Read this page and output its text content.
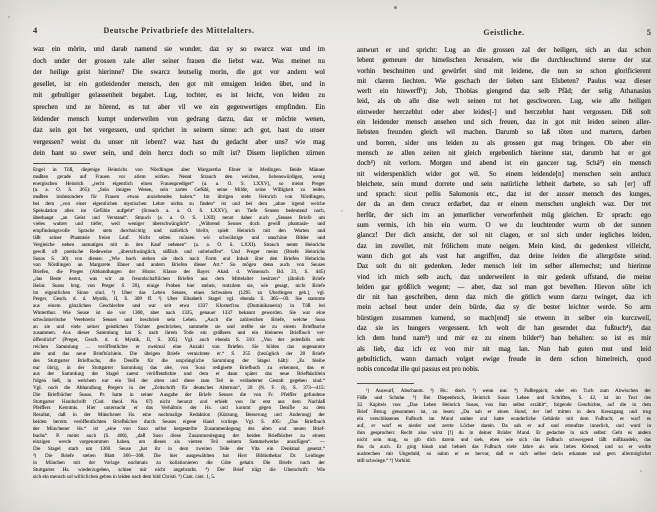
4	Deutsche Privatbriefe des Mittelalters.
waz ein mörin, und darab namend sie wunder, daz sy so swarcz waz und im
doch under der grossen zale aller seiner frauen die liebst waz. Was meinet nu
der heilige geist hierinne? Die swarcz leutselig morin, die got vor andern wol
gesellet, ist ein gotleidender mensch, den got mit emsigem leiden übet, und in
mit gebultiger gelassenheit begabet. Lug, tochter, es ist leicht, von leiden zu
sprechen und ze hörend, es tut aber vil we ein gegenwertiges empfinden. Ein
leidender mensch kumpt underweilen von gedrang darzu, daz er möchte wenen,
daz sein got het vergessen, und sprichet in seinem sinne: ach got, hast du unser
vergessen? weist du unser nit lebent? waz hast du gedacht aber uns? wie mag
dein hant so swer sein, und dein hercz doch so milt ist? Disem lieplichen zürnen
Engel in Töß, diejenige Heinrichs von Nördlingen aber Margaretha Ebner in Medingen. Beide Männer
mußten gerade auf Frauen vor allem wirken. Nennt Strauch den weichen, liebenswürdigen, wenig
energischen Heinrich „recht eigentlich einen Frauenprediger“ (a. a. O. S. LXXV), so meint Preger
(a. a. O. S. 365): „Sein inniges Wesen, sein zartes Gefühl, seine Milde, seine Willigkeit zu leiden
mußten insbesondere für Frauen etwas anziehendes haben.“ Im übrigen steht Heinrich von Nördlingen,
bei dem „von einer eigentlichen mystischen Lehre nichts zu finden“ ist und bei dem „ohne irgend welche
Spekulation alles im Gefühle aufgeht“ (Strauch a. a. O. S. LXXV), an Tiefe Seusen bedeutend nach,
überhaupt „an Geist und Verstand“. Strauch (a. a. O. S. LXII) nennt daher auch „Seuses Briefe um
vieles wahrer und tiefer, weil weniger überschwänglich“. „Während Seuses doch gewiß phantasie- und
empfindungsvolle Sprache stets durchsichtig und natürlich bleibt, spielt Heinrich mit den Worten und
läßt seiner Phantasie freien Lauf. Nicht selten müssen wir schwülstige und unschöne Bilder und
Vergleiche neben anmutigen mit in den Kauf nehmen“ (a. a. O. S. LXXI). Strauch nennt Heinrichs
gewiß oft poetische Redeweise „überschwänglich, süßlich und unbeholfen“. Und Preger meint (Briefe Heinrichs
Susos S. 30) von diesen: „Wie hoch stehen sie doch nach Form und Inhalt über den Briefen Heinrichs
von Nördlingen an Margarete Ebner und andern Briefen dieser Art.“ So mögen denn auch von Seuses
Briefen, die Preger (Abhandlungen der Histor. Klasse der Bayer. Akad. d. Wissensch. Bd. 21, S. 445)
„das Beste nennt, was wir an freundschaftlichen Briefen aus dem Mittelalter besitzen“ (ähnlich Briefe
Heinr. Susos hrsg. von Preger S. 20), einige Proben hier stehen, trotzdem sie, wie gesagt, nicht Briefe
im eigentlichen Sinne sind. ¹) Über das Leben Seuses, eines Schwaben (1295 zu Überlingen geb.), vgl.
Preger, Gesch. d. d. Mystik, II, S. 309 ff. ²) Über Elisabeth Stagel vgl. ebenda S. 305—09. Sie stammte
aus einem gänzlichen Geschlechte und war seit etwa 1337 Klosterfrau (Dominikanerin) in Töß bei
Winterthur. Wie Seuse ist sie vor 1360, aber nach 1335, genauer 1337 bekannt geworden. Sie war eine
schwärmerische Verehrerin Seuses und beschrieb sein Leben. „Auch die zahlreichen Briefe, welche Suso
an sie und viele seiner geistlichen Töchter geschrieben, sammelte sie und stellte sie zu einem Briefbuche
zusammen. Aus dieser Sammlung hat S. nach ihrem Tode ein größeres und ein kleineres Briefbuch ver-
öffentlicht“ (Preger, Gesch. d. d. Mystik, II, S. 305). Vgl. auch ebenda S. 310: „Von der jedenfalls sehr
reichen Sammlung ... veröffentlichte er zweimal eine Anzahl von Briefen. Sie bilden das sogenannte
alte und das neue Briefbüchlein. Die übrigen Briefe vernichtete er.“ S. 255 (bezüglich der 28 Briefe
des Stuttgarter Briefbuchs, die Denifle für die ursprüngliche Sammlung der Stagel hält): „Es bleibe
nur übrig, in der Stuttgarter Sammlung das alte, von Suso redigierte Briefbuch zu erkennen, das er
aus der Sammlung der Stagel zuerst veröffentlichte und dem er dann später das neue Briefbüchlein
folgen ließ, in welchem nur ein Teil der alten und diese zum Teil in veränderter Gestalt gegeben sind.“
Vgl. noch die Abhandlung Pregers in der „Zeitschrift für deutsches Altertum“, 20 (N. F. 8), S. 373—415:
Die Briefbücher Susos. Pr. hatte in seiner Ausgabe der Briefe Seuses die von Fr. Pfeiffer gefundene
Stuttgarter Handschrift (Cod. theol. No. 67) nicht benutzt und erhielt von ihr erst aus dem Nachlaß
Pfeiffers Kenntnis. Hier untersucht er das Verhältnis der Hs. und kommt gegen Denifle zu dem
Resultat, daß in der Münchener Hs. eine nochmalige Redaktion (Kürzung, Besserung und Änderung) der
beiden bereits veröffentlichten Briefbücher durch Seuses eigene Hand vorliege. Vgl. S. 405: „Das Briefbuch
der Münchener Hs.“ ist „eine von Suso selbst hergestellte Zusammenlegung des alten und neuen Brief-
buchs“. P. meint auch (S. 406), „daß Suso diese Zusammenlegung der beiden Briefbücher zu einem
einzigen werde vorgenommen haben, um dieses als vierten Teil seinem Sammelwerke anzufügen“. —
Die Stagel starb um 1360. Seuse „hat ihr in dem zweiten Teile der Vita ein Denkmal gesetzt.“
³) Die Briefe stehen Blatt 366—368. Die hier ausgewählten hat Herr Bibliothekar Dr. Leidinger
in München mit der Vorlage nochmals zu kollationieren die Güte gehabt. Die Briefe nach der
Stuttgarter Hs. wiederzugeben, schien mir nicht angebracht. ⁴) Der Brief trägt die Überschrift: Wie
sich ein mensch sol williclichen geben in leiden nach dem bild Christi. ⁵) Cant. cant. 1, 5.
Geistliche.	5
antwurt er und spricht: Lug an die grossen zal der heiligen, sich an daz schon
lebent gemeure der himelischen Jerusalem, wie die durchleuchtend sterne der stat
vorhin beschnitten und gewürfet sind mit leidene, die nun so schon glorificierent
mit clarem liechten. Wie geschach der lieben sant Elsbeten? Paulus waz dieser
werlt ein hinwerff¹); Job, Thobias giengend daz selb Pfäd; der selig Athanasius
leid, als ob alle dise welt seinen tot het geschworen. Lug, wie alle heiligen
eintweder herczeblut oder aber leides[-] und herczeblut hant vergossen. Diß solt
ein leidender mensch ansehen und sich freuen, daz in got mit leiden seinen aller-
liebsten freunden gleich wil machen. Darumb so laß töten und martern, darben
und borren, sider uns leiden zu als grossen gut mag bringen. Ob aber ein
mensch ze allen zeiten nit gleich ergebenlich hierinne stat, darumb hat er got
doch²) nit verlorn. Morgen und abend ist ein ganczer tag. Schá³) ein mensch
nit widerspenklich wider got wil. So einem leidende[n] menschen sein antlucz
bleichete, sein mund dorrete und sein natürliche lebheit darbete, so sah [er] uff
und sprach: sicut pellis Salomonis etc., daz ist der ausser mensch des kunges,
der da an dem creucz erdarbet, daz er einem menschen ungleich waz. Der tret
herfür, der sich im an jemerlicher verworfenheit müg gleichen. Er sprach: ego
sum vermis, ich bin ein wurm. O we du leuchtender wurm ob der sunnen
glancz! Der dich ansicht, der sol nit clagen, er sol sich under iegliches leiden,
daz im zuvellet, mit frölichem mute neigen. Mein kind, du gedenkest villeicht,
wann dich got als vast hat angriffen, daz deine leiden die allergröste seind.
Daz solt du nit gedenken. Jeder mensch leit im selber allernechst; und hierinne
vind ich mich selb auch, daz underweilent in mir gedenk uffstand, die meine
leiden gar größlich wegent; — aber, daz sol man got bevelhen. Hievon sölte ich
dir nit han geschriben, denn daz mich die götlich wunn darzu twinget, daz ich
mein achsel beut under dein bürde, daz sy dir bester leichter werde. So arm
bürstigen zusammen kumend, so mach[end] sie etwenn in selber ein kurczweil,
daz sie irs hungers vergessent. Ich wolt dir han gesendet daz fußtuch⁴), daz
ich dem hund nam⁵) und mir ez zu einem bilder⁶) han behalten: so ist es mir
als lieb, daz ich ez von mir nit mag lan. Nun hab guten mut und leid
gebulticlich, wann darnach volget ewige freude in dem schon himelreich, quod
nobis concedat ille qui passus est pro nobis.
¹) Auswurf, Abschaum. ²) Hs.: doch. ³) wenn nur. ⁴) Fußteppich; oder ein Tuch zum Abwischen der
Füße und Schuhe. ⁵) Bei Diepenbrock, Heinrich Susos Leben und Schriften, S. 42, ist im Text des
32. Kapitels von: „Das Leben Heinrich Susos, von ihm selbst erzählt“, folgende Geschichte, auf die in dem
Brief Bezug genommen ist, zu lesen: „Da sah er einen Hund, der lief mitten in dem Kreuzgang und trug
ein verschlissenes Fußtuch im Mund umher und hatte wunderliche Gebärde mit dem Fußtuch; er warf es
auf, er warf es nieder und zerrte Löcher darein. Da sah er auf und erseufzte innerlich, und ward in
ihm gesprochen: Recht also wirst [!] du in deiner Brüder Mund. Er gedachte in sich selbst: Geht es anders
nicht sein mag, so gib dich darein und sieh, eben wie sich das Fußtuch schweigend läßt mißhandeln, das
thu du auch. Er ging hinab und behielt das Fußtuch viele Jahre als sein liebes Kleinod, und so er wollte
ausbrechen mit Ungeduld, so nahm er es hervor, daß er sich selber darin erkannte und gern allermöglichst
still schwiege.“ ⁶) Vorbild.
